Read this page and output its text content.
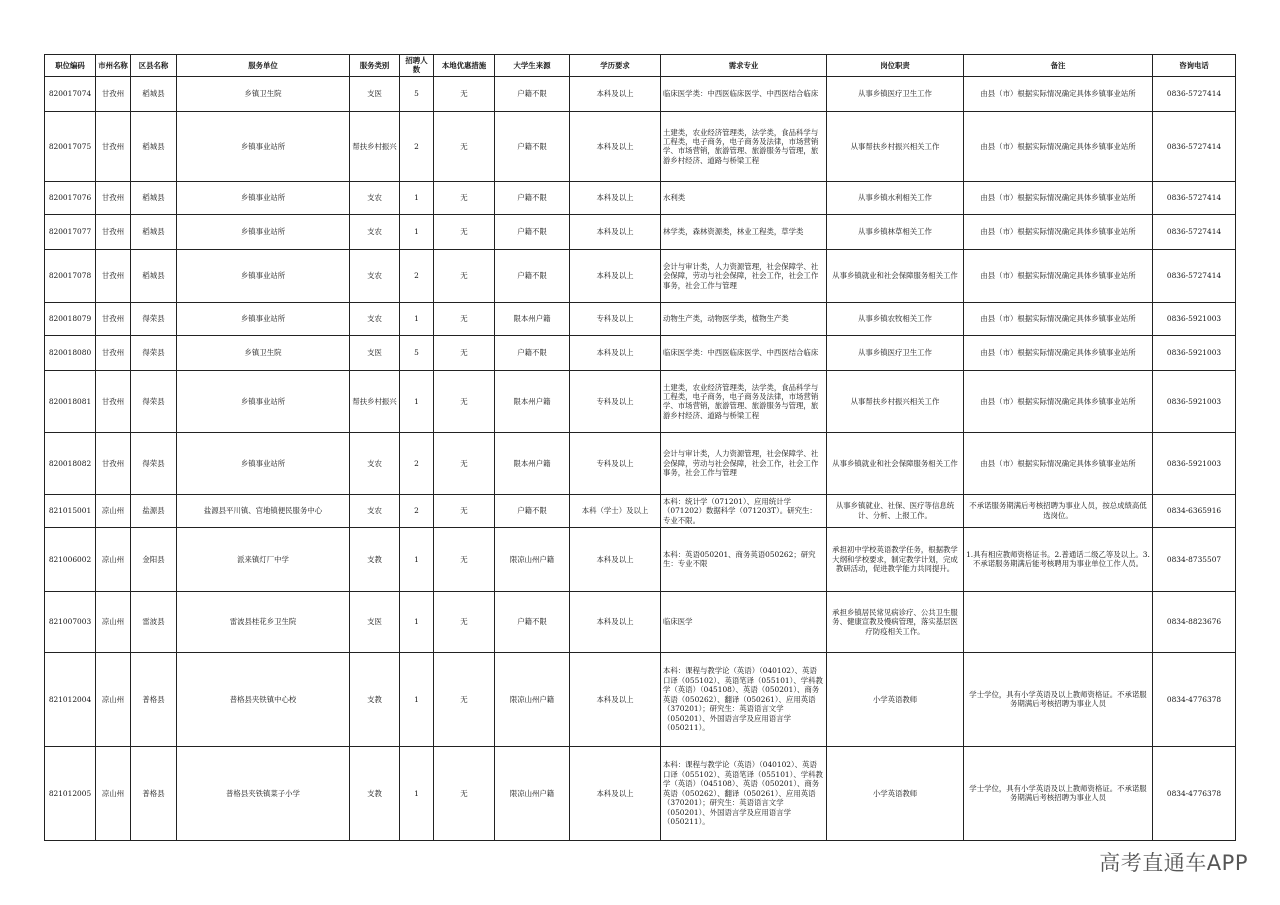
职位编码	市州名称	区县名称	服务单位	服务类别	招聘人数	本地优惠措施	大学生来源	学历要求	需求专业	岗位职责	备注	咨询电话
820017074	甘孜州	稻城县	乡镇卫生院	支医	5	无	户籍不限	本科及以上	临床医学类：中西医临床医学、中西医结合临床	从事乡镇医疗卫生工作	由县（市）根据实际情况确定具体乡镇事业站所	0836-5727414
820017075	甘孜州	稻城县	乡镇事业站所	帮扶乡村振兴	2	无	户籍不限	本科及以上	土建类，农业经济管理类，法学类，食品科学与工程类，电子商务，电子商务及法律，市场营销学、市场营销，旅游管理、旅游服务与管理，旅游乡村经济、道路与桥梁工程	从事帮扶乡村振兴相关工作	由县（市）根据实际情况确定具体乡镇事业站所	0836-5727414
820017076	甘孜州	稻城县	乡镇事业站所	支农	1	无	户籍不限	本科及以上	水利类	从事乡镇水利相关工作	由县（市）根据实际情况确定具体乡镇事业站所	0836-5727414
820017077	甘孜州	稻城县	乡镇事业站所	支农	1	无	户籍不限	本科及以上	林学类，森林资源类，林业工程类，草学类	从事乡镇林草相关工作	由县（市）根据实际情况确定具体乡镇事业站所	0836-5727414
820017078	甘孜州	稻城县	乡镇事业站所	支农	2	无	户籍不限	本科及以上	会计与审计类，人力资源管理，社会保障学、社会保障，劳动与社会保障，社会工作，社会工作事务，社会工作与管理	从事乡镇就业和社会保障服务相关工作	由县（市）根据实际情况确定具体乡镇事业站所	0836-5727414
820018079	甘孜州	得荣县	乡镇事业站所	支农	1	无	限本州户籍	专科及以上	动物生产类，动物医学类，植物生产类	从事乡镇农牧相关工作	由县（市）根据实际情况确定具体乡镇事业站所	0836-5921003
820018080	甘孜州	得荣县	乡镇卫生院	支医	5	无	户籍不限	本科及以上	临床医学类：中西医临床医学、中西医结合临床	从事乡镇医疗卫生工作	由县（市）根据实际情况确定具体乡镇事业站所	0836-5921003
820018081	甘孜州	得荣县	乡镇事业站所	帮扶乡村振兴	1	无	限本州户籍	专科及以上	土建类，农业经济管理类，法学类，食品科学与工程类，电子商务，电子商务及法律，市场营销学、市场营销，旅游管理、旅游服务与管理，旅游乡村经济、道路与桥梁工程	从事帮扶乡村振兴相关工作	由县（市）根据实际情况确定具体乡镇事业站所	0836-5921003
820018082	甘孜州	得荣县	乡镇事业站所	支农	2	无	限本州户籍	专科及以上	会计与审计类，人力资源管理，社会保障学、社会保障，劳动与社会保障，社会工作，社会工作事务，社会工作与管理	从事乡镇就业和社会保障服务相关工作	由县（市）根据实际情况确定具体乡镇事业站所	0836-5921003
821015001	凉山州	盐源县	盐源县平川镇、官地镇便民服务中心	支农	2	无	户籍不限	本科（学士）及以上	本科：统计学（071201）、应用统计学（071202）数据科学（071203T）。研究生：专业不限。	从事乡镇就业、社保、医疗等信息统计、分析、上报工作。	不承诺服务期满后考核招聘为事业人员，按总成绩高低选岗位。	0834-6365916
821006002	凉山州	金阳县	派来镇灯厂中学	支教	1	无	限凉山州户籍	本科及以上	本科：英语050201、商务英语050262；研究生：专业不限	承担初中学校英语教学任务，根据教学大纲和学校要求，制定教学计划，完成教研活动，促进教学能力共同提升。	1.具有相应教师资格证书。2.普通话二级乙等及以上。3.不承诺服务期满后能考核聘用为事业单位工作人员。	0834-8735507
821007003	凉山州	雷波县	雷波县桂花乡卫生院	支医	1	无	户籍不限	本科及以上	临床医学	承担乡镇居民常见病诊疗、公共卫生服务、健康宣教及慢病管理，落实基层医疗防疫相关工作。		0834-8823676
821012004	凉山州	普格县	普格县夹铁镇中心校	支教	1	无	限凉山州户籍	本科及以上	本科：课程与教学论（英语）（040102）、英语口译（055102）、英语笔译（055101）、学科教学（英语）（045108）、英语（050201）、商务英语（050262）、翻译（050261）、应用英语（370201）；研究生：英语语言文学（050201）、外国语言学及应用语言学（050211）。	小学英语教师	学士学位，具有小学英语及以上教师资格证。不承诺服务期满后考核招聘为事业人员	0834-4776378
821012005	凉山州	普格县	普格县夹铁镇菜子小学	支教	1	无	限凉山州户籍	本科及以上	本科：课程与教学论（英语）（040102）、英语口译（055102）、英语笔译（055101）、学科教学（英语）（045108）、英语（050201）、商务英语（050262）、翻译（050261）、应用英语（370201）；研究生：英语语言文学（050201）、外国语言学及应用语言学（050211）。	小学英语教师	学士学位，具有小学英语及以上教师资格证。不承诺服务期满后考核招聘为事业人员	0834-4776378
高考直通车APP
